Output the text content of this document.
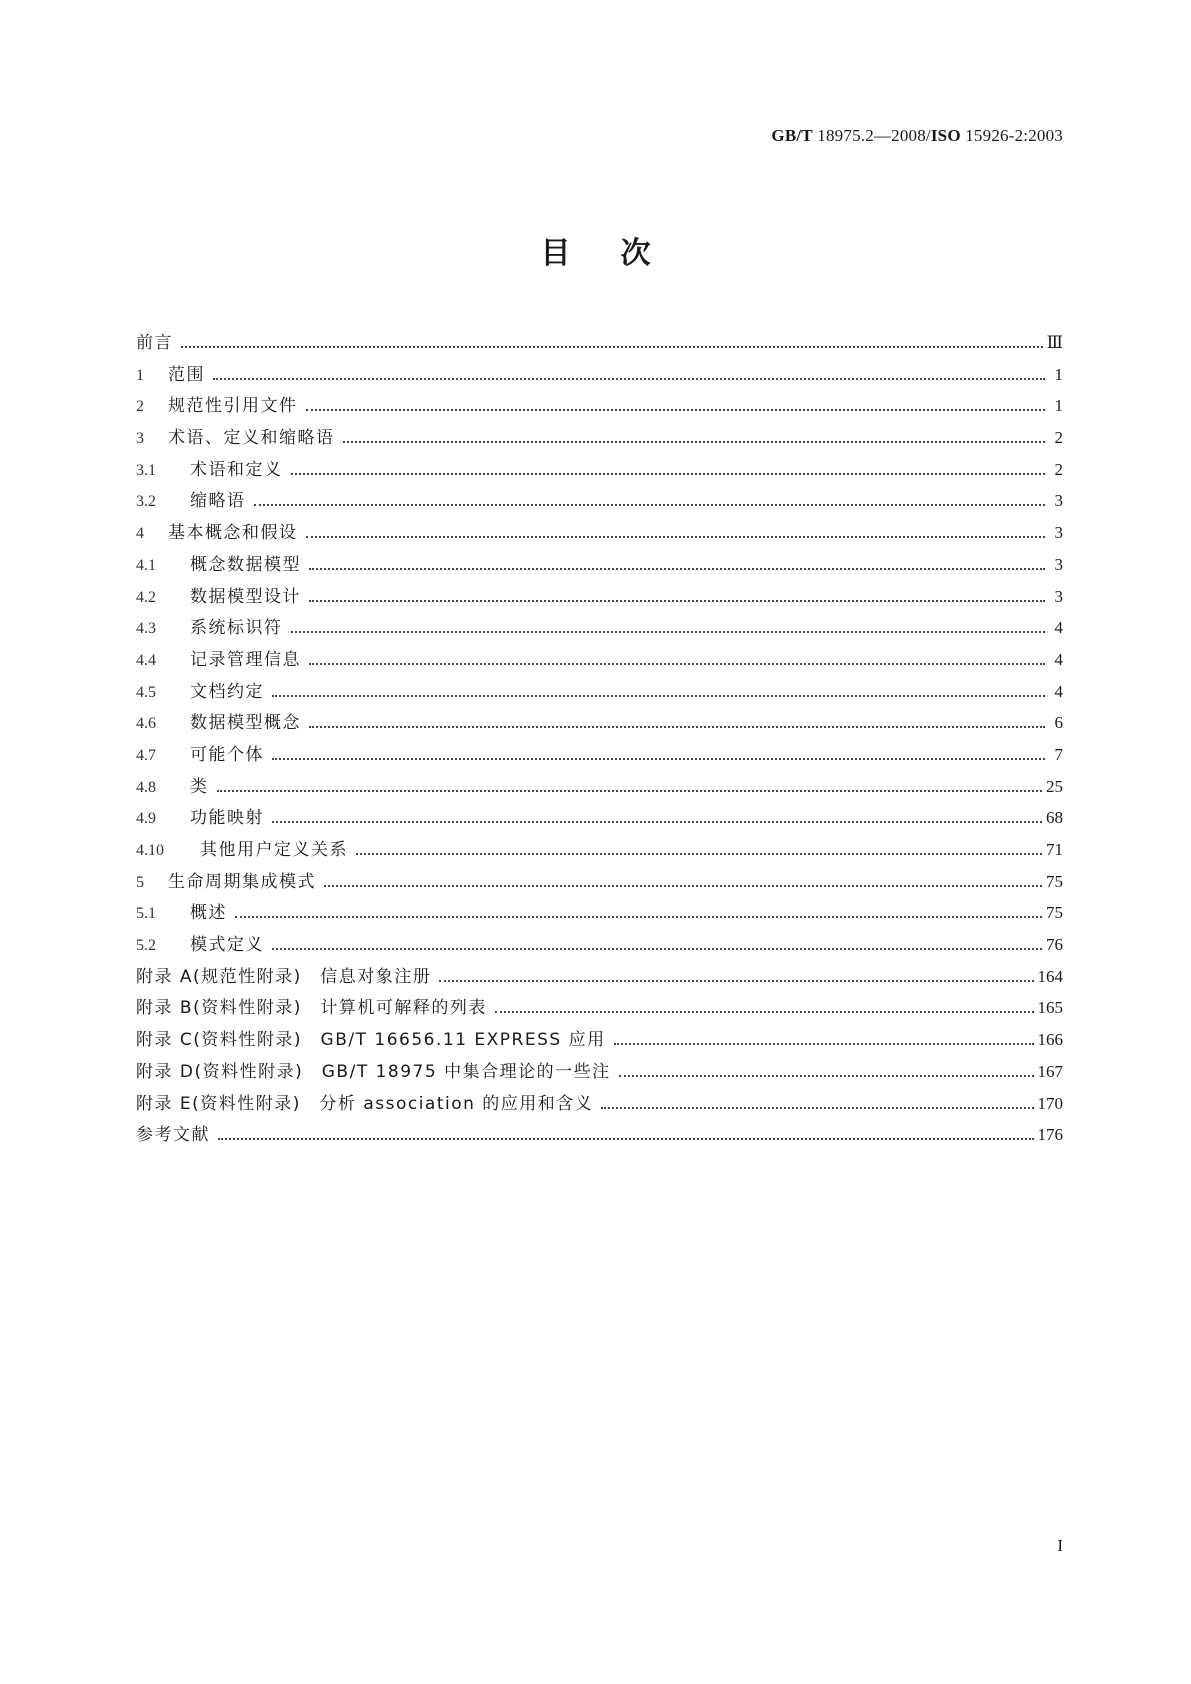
GB/T 18975.2—2008/ISO 15926-2:2003
目次
前言	Ⅲ
1	范围	1
2	规范性引用文件	1
3	术语、定义和缩略语	2
3.1	术语和定义	2
3.2	缩略语	3
4	基本概念和假设	3
4.1	概念数据模型	3
4.2	数据模型设计	3
4.3	系统标识符	4
4.4	记录管理信息	4
4.5	文档约定	4
4.6	数据模型概念	6
4.7	可能个体	7
4.8	类	25
4.9	功能映射	68
4.10	其他用户定义关系	71
5	生命周期集成模式	75
5.1	概述	75
5.2	模式定义	76
附录 A(规范性附录)　信息对象注册	164
附录 B(资料性附录)　计算机可解释的列表	165
附录 C(资料性附录)　GB/T 16656.11 EXPRESS 应用	166
附录 D(资料性附录)　GB/T 18975 中集合理论的一些注	167
附录 E(资料性附录)　分析 association 的应用和含义	170
参考文献	176
I
